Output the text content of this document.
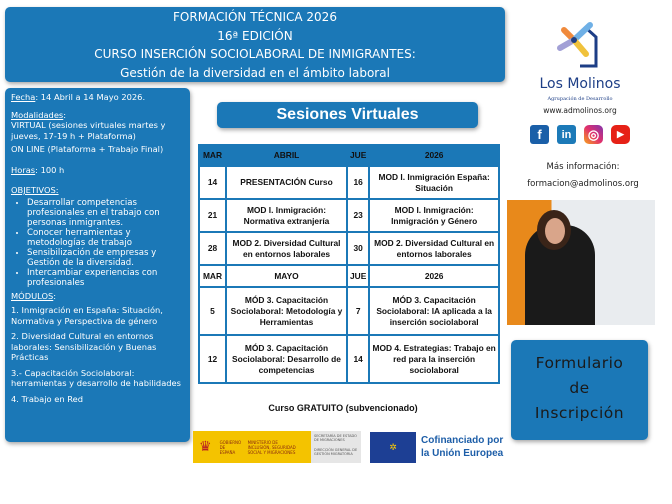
FORMACIÓN TÉCNICA 2026
16ª EDICIÓN
CURSO INSERCIÓN SOCIOLABORAL DE INMIGRANTES:
Gestión de la diversidad en el ámbito laboral

Fecha: 14 Abril a 14 Mayo 2026.

Modalidades:

VIRTUAL (sesiones virtuales martes y jueves, 17-19 h + Plataforma)

ON LINE (Plataforma + Trabajo Final)

Horas: 100 h

OBJETIVOS:

• Desarrollar competencias profesionales en el trabajo con personas inmigrantes.
• Conocer herramientas y metodologías de trabajo
• Sensibilización de empresas y Gestión de la diversidad.
• Intercambiar experiencias con profesionales

MÓDULOS:

1. Inmigración en España: Situación, Normativa y Perspectiva de género

2. Diversidad Cultural en entornos laborales: Sensibilización y Buenas Prácticas

3.- Capacitación Sociolaboral: herramientas y desarrollo de habilidades

4. Trabajo en Red

Sesiones Virtuales
MAR	ABRIL	JUE	2026
14	PRESENTACIÓN Curso	16	MOD I. Inmigración España: Situación
21	MOD I. Inmigración: Normativa extranjería	23	MOD I. Inmigración: Inmigración y Género
28	MOD 2. Diversidad Cultural en entornos laborales	30	MOD 2. Diversidad Cultural en entornos laborales
MAR	MAYO	JUE	2026
5	MÓD 3. Capacitación Sociolaboral: Metodología y Herramientas	7	MÓD 3. Capacitación Sociolaboral: IA aplicada a la inserción sociolaboral
12	MÓD 3. Capacitación Sociolaboral: Desarrollo de competencias	14	MOD 4. Estrategias: Trabajo en red para la inserción sociolaboral
Curso GRATUITO (subvencionado)
♛ GOBIERNO DE ESPAÑA
MINISTERIO DE INCLUSIÓN, SEGURIDAD SOCIAL Y MIGRACIONES
SECRETARÍA DE ESTADO DE MIGRACIONES
DIRECCIÓN GENERAL DE GESTIÓN MIGRATORIA
✲
Cofinanciado por la Unión Europea
Los Molinos
Agrupación de Desarrollo
www.admolinos.org
f	in	◎	▶
Más información:
formacion@admolinos.org
Formulario
de
Inscripción
